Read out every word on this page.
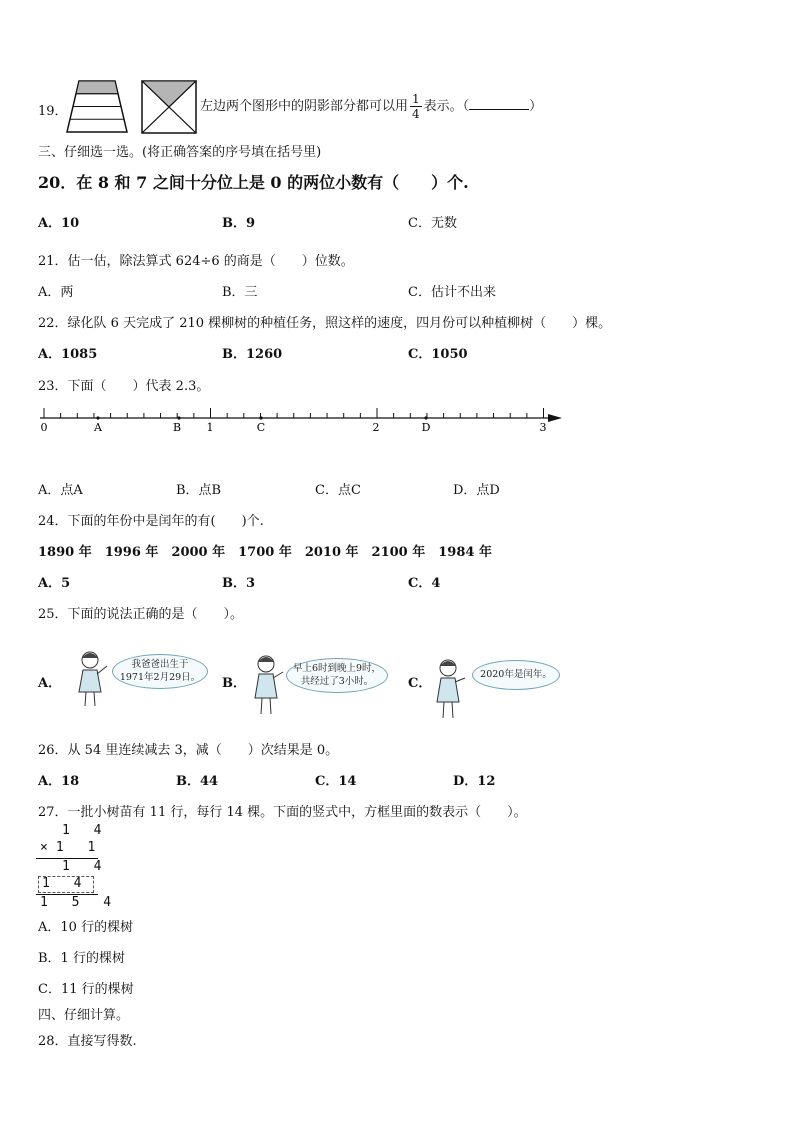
19．	左边两个图形中的阴影部分都可以用 $\frac{1}{4}$ 表示。（	）
三、仔细选一选。(将正确答案的序号填在括号里)
20．在 8 和 7 之间十分位上是 0 的两位小数有（　　）个.
A．10	B．9	C．无数
21．估一估，除法算式 624÷6 的商是（　　）位数。
A．两	B．三	C．估计不出来
22．绿化队 6 天完成了 210 棵柳树的种植任务，照这样的速度，四月份可以种植柳树（　　）棵。
A．1085	B．1260	C．1050
23．下面（　　）代表 2.3。
0	A	B 1	C	2	D	3
A．点A	B．点B	C．点C	D．点D
24．下面的年份中是闰年的有(　　)个.
1890 年　1996 年　2000 年　1700 年　2010 年　2100 年　1984 年
A．5	B．3	C．4
25．下面的说法正确的是（　　）。
A．
我爸爸出生于
1971年2月29日。	B．
早上6时到晚上9时，
共经过了3小时。	C．
2020年是闰年。
26．从 54 里连续减去 3，减（　　）次结果是 0。
A．18	B．44	C．14	D．12
27．一批小树苗有 11 行，每行 14 棵。下面的竖式中，方框里面的数表示（　　）。
1 4
×1 1
1 4
1 4
1 5 4
A．10 行的棵树
B．1 行的棵树
C．11 行的棵树
四、仔细计算。
28．直接写得数.
